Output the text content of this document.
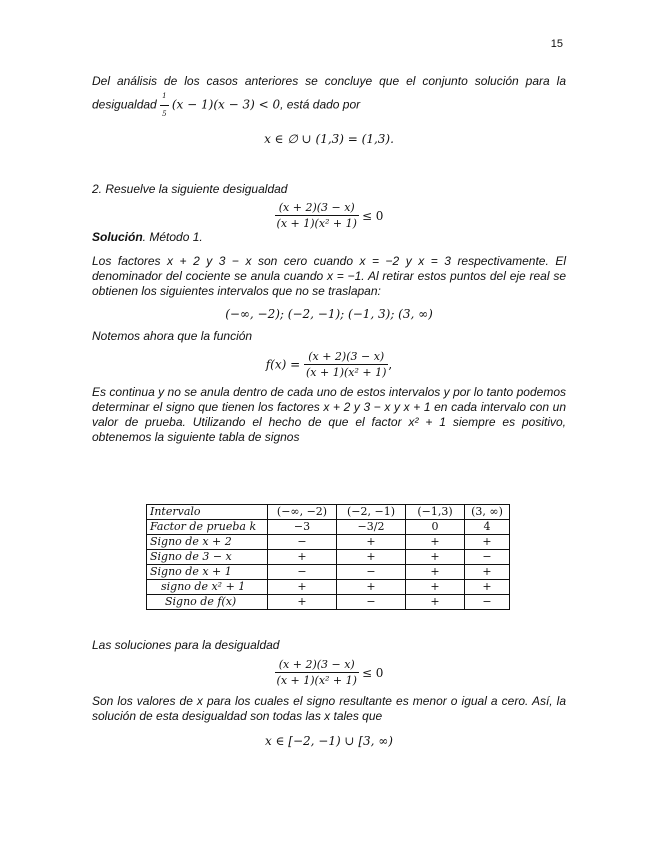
15

Del análisis de los casos anteriores se concluye que el conjunto solución para la desigualdad $\frac{1}{5} (x - 1)(x - 3) < 0$, está dado por

x ∈ ∅ ∪ (1,3) = (1,3).

2. Resuelve la siguiente desigualdad

$\frac{(x + 2)(3 - x)}{\text{(x + 1)(x² + 1)}} \le 0$

Solución. Método 1.

Los factores x + 2 y 3 − x son cero cuando x = −2 y x = 3 respectivamente. El denominador del cociente se anula cuando x = −1. Al retirar estos puntos del eje real se obtienen los siguientes intervalos que no se traslapan:

(−∞, −2); (−2, −1); (−1, 3); (3, ∞)

Notemos ahora que la función

$f(x) = \frac{(x + 2)(3 - x)}{\text{(x + 1)(x² + 1)}}$ ,

Es continua y no se anula dentro de cada uno de estos intervalos y por lo tanto podemos determinar el signo que tienen los factores x + 2 y 3 − x y x + 1 en cada intervalo con un valor de prueba. Utilizando el hecho de que el factor x² + 1 siempre es positivo, obtenemos la siguiente tabla de signos

Intervalo	(−∞, −2)	(−2, −1)	(−1,3)	(3, ∞)
Factor de prueba k	−3	−3/2	0	4
Signo de x + 2	−	+	+	+
Signo de 3 − x	+	+	+	−
Signo de x + 1	−	−	+	+
signo de x² + 1	+	+	+	+
Signo de f(x)	+	−	+	−

Las soluciones para la desigualdad

$\frac{(x + 2)(3 - x)}{\text{(x + 1)(x² + 1)}} \le 0$

Son los valores de x para los cuales el signo resultante es menor o igual a cero. Así, la solución de esta desigualdad son todas las x tales que

x ∈ [−2, −1) ∪ [3, ∞)
